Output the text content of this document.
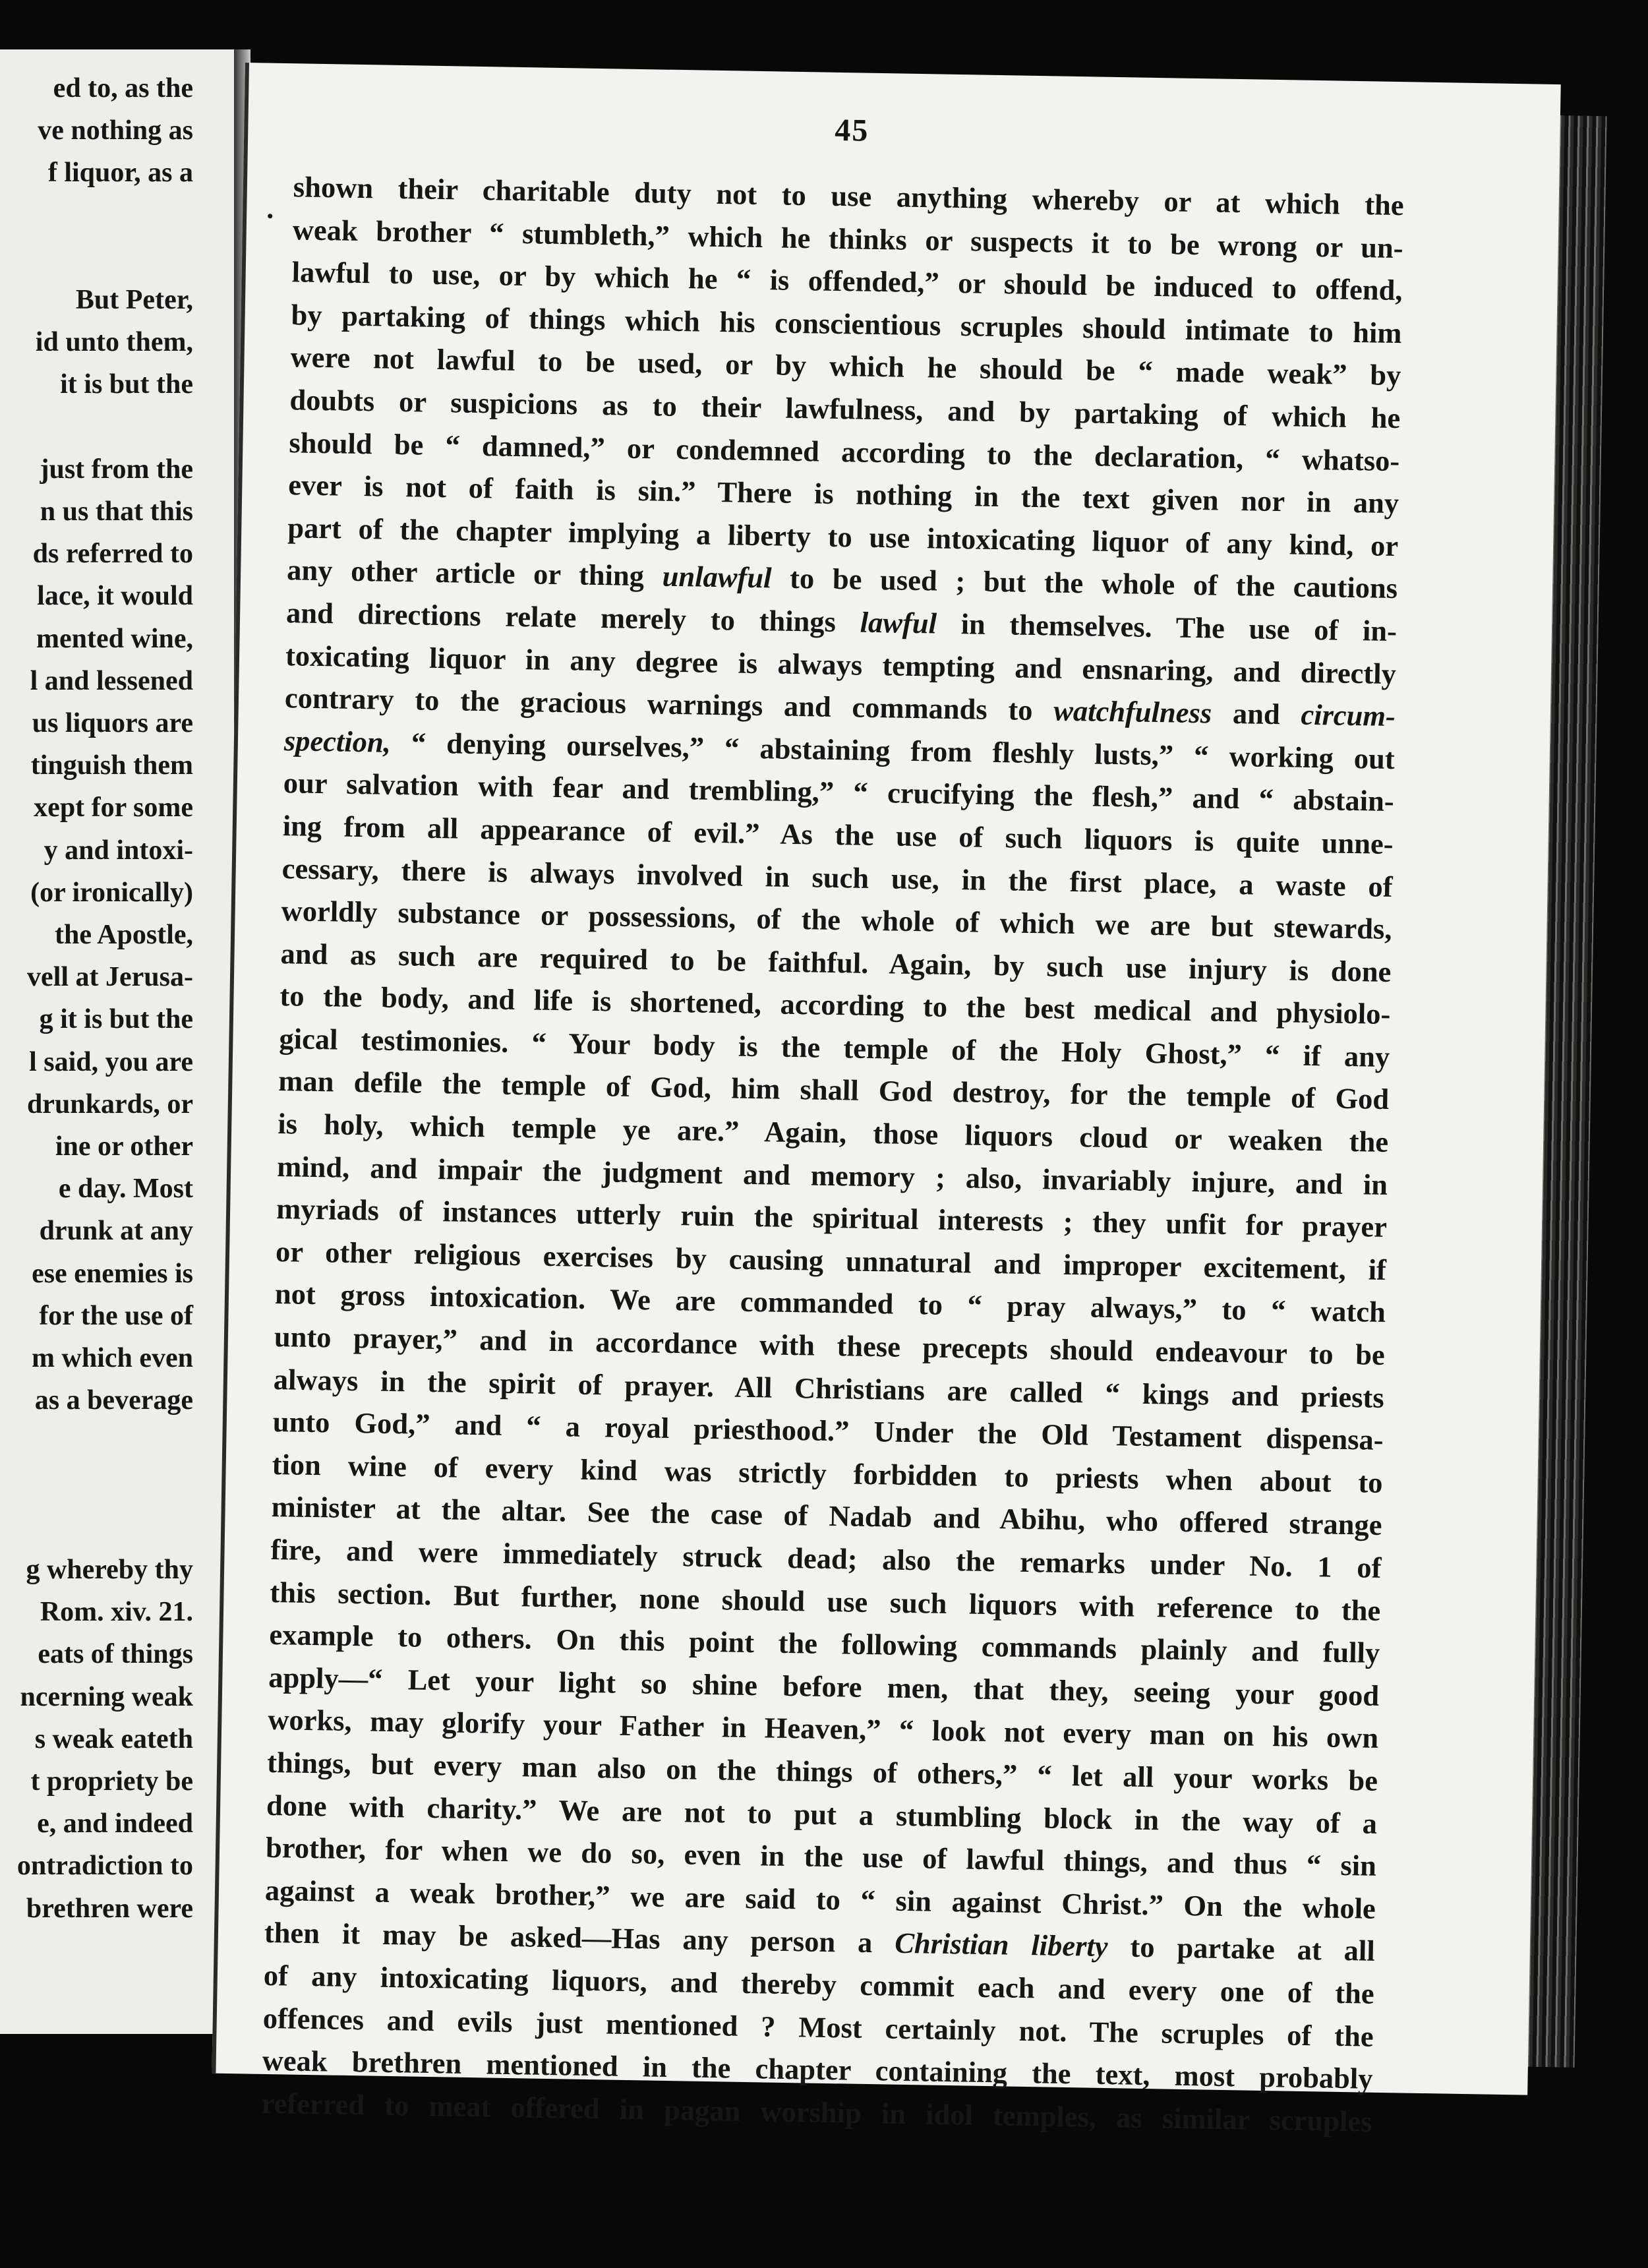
ed to, as the
ve nothing as
f liquor, as a
But Peter,
id unto them,
it is but the
just from the
n us that this
ds referred to
lace, it would
mented wine,
l and lessened
us liquors are
tinguish them
xept for some
y and intoxi-
(or ironically)
the Apostle,
vell at Jerusa-
g it is but the
l said, you are
drunkards, or
ine or other
e day. Most
drunk at any
ese enemies is
for the use of
m which even
as a beverage
g whereby thy
Rom. xiv. 21.
eats of things
ncerning weak
s weak eateth
t propriety be
e, and indeed
ontradiction to
brethren were
45
. shown their charitable duty not to use anything whereby or at which the
weak brother “ stumbleth,” which he thinks or suspects it to be wrong or un-
lawful to use, or by which he “ is offended,” or should be induced to offend,
by partaking of things which his conscientious scruples should intimate to him
were not lawful to be used, or by which he should be “ made weak” by
doubts or suspicions as to their lawfulness, and by partaking of which he
should be “ damned,” or condemned according to the declaration, “ whatso-
ever is not of faith is sin.” There is nothing in the text given nor in any
part of the chapter implying a liberty to use intoxicating liquor of any kind, or
any other article or thing unlawful to be used ; but the whole of the cautions
and directions relate merely to things lawful in themselves. The use of in-
toxicating liquor in any degree is always tempting and ensnaring, and directly
contrary to the gracious warnings and commands to watchfulness and circum-
spection, “ denying ourselves,” “ abstaining from fleshly lusts,” “ working out
our salvation with fear and trembling,” “ crucifying the flesh,” and “ abstain-
ing from all appearance of evil.” As the use of such liquors is quite unne-
cessary, there is always involved in such use, in the first place, a waste of
worldly substance or possessions, of the whole of which we are but stewards,
and as such are required to be faithful. Again, by such use injury is done
to the body, and life is shortened, according to the best medical and physiolo-
gical testimonies. “ Your body is the temple of the Holy Ghost,” “ if any
man defile the temple of God, him shall God destroy, for the temple of God
is holy, which temple ye are.” Again, those liquors cloud or weaken the
mind, and impair the judgment and memory ; also, invariably injure, and in
myriads of instances utterly ruin the spiritual interests ; they unfit for prayer
or other religious exercises by causing unnatural and improper excitement, if
not gross intoxication. We are commanded to “ pray always,” to “ watch
unto prayer,” and in accordance with these precepts should endeavour to be
always in the spirit of prayer. All Christians are called “ kings and priests
unto God,” and “ a royal priesthood.” Under the Old Testament dispensa-
tion wine of every kind was strictly forbidden to priests when about to
minister at the altar. See the case of Nadab and Abihu, who offered strange
fire, and were immediately struck dead; also the remarks under No. 1 of
this section. But further, none should use such liquors with reference to the
example to others. On this point the following commands plainly and fully
apply—“ Let your light so shine before men, that they, seeing your good
works, may glorify your Father in Heaven,” “ look not every man on his own
things, but every man also on the things of others,” “ let all your works be
done with charity.” We are not to put a stumbling block in the way of a
brother, for when we do so, even in the use of lawful things, and thus “ sin
against a weak brother,” we are said to “ sin against Christ.” On the whole
then it may be asked—Has any person a Christian liberty to partake at all
of any intoxicating liquors, and thereby commit each and every one of the
offences and evils just mentioned ? Most certainly not. The scruples of the
weak brethren mentioned in the chapter containing the text, most probably
referred to meat offered in pagan worship in idol temples, as similar scruples
